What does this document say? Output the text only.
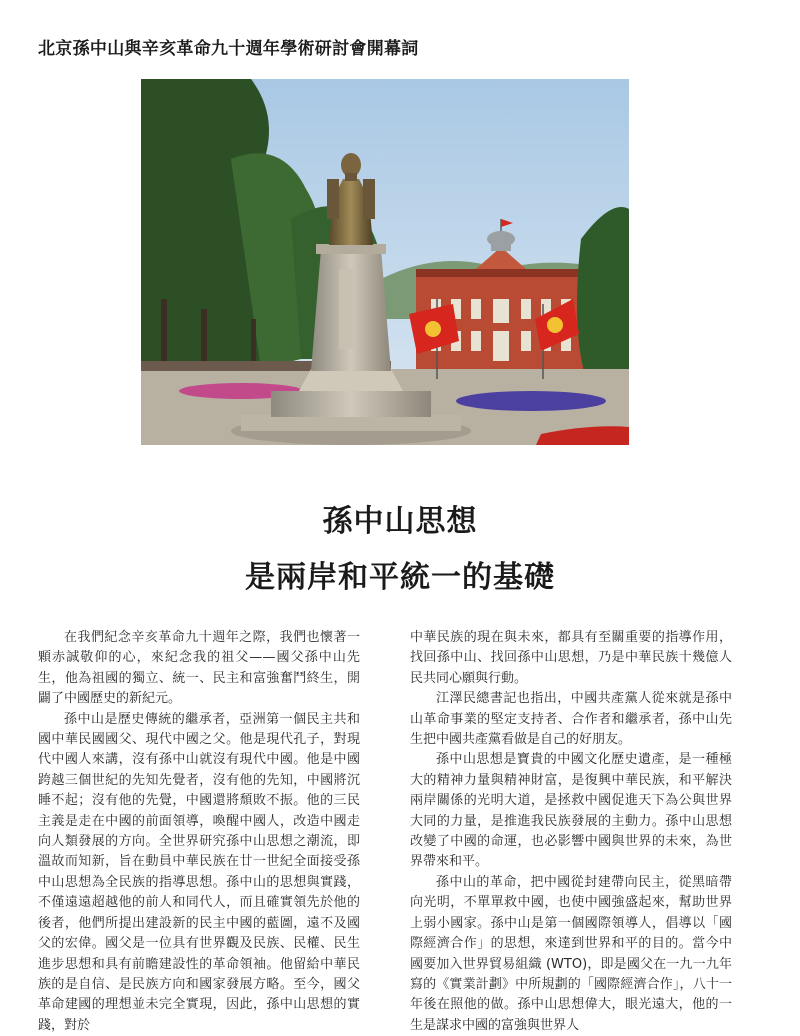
北京孫中山與辛亥革命九十週年學術研討會開幕詞
孫中山思想
是兩岸和平統一的基礎

在我們紀念辛亥革命九十週年之際，我們也懷著一顆赤誠敬仰的心，來紀念我的祖父——國父孫中山先生，他為祖國的獨立、統一、民主和富強奮鬥終生，開闢了中國歷史的新紀元。

孫中山是歷史傳統的繼承者，亞洲第一個民主共和國中華民國國父、現代中國之父。他是現代孔子，對現代中國人來講，沒有孫中山就沒有現代中國。他是中國跨越三個世紀的先知先覺者，沒有他的先知，中國將沉睡不起；沒有他的先覺，中國還將頹敗不振。他的三民主義是走在中國的前面領導，喚醒中國人，改造中國走向人類發展的方向。全世界研究孫中山思想之潮流，即溫故而知新，旨在動員中華民族在廿一世紀全面接受孫中山思想為全民族的指導思想。孫中山的思想與實踐，不僅遠遠超越他的前人和同代人，而且確實領先於他的後者，他們所提出建設新的民主中國的藍圖，遠不及國父的宏偉。國父是一位具有世界觀及民族、民權、民生進步思想和具有前瞻建設性的革命領袖。他留給中華民族的是自信、是民族方向和國家發展方略。至今，國父革命建國的理想並未完全實現，因此，孫中山思想的實踐，對於

中華民族的現在與未來，都具有至關重要的指導作用，找回孫中山、找回孫中山思想，乃是中華民族十幾億人民共同心願與行動。

江澤民總書記也指出，中國共產黨人從來就是孫中山革命事業的堅定支持者、合作者和繼承者，孫中山先生把中國共產黨看做是自己的好朋友。

孫中山思想是寶貴的中國文化歷史遺產，是一種極大的精神力量與精神財富，是復興中華民族，和平解決兩岸關係的光明大道，是拯救中國促進天下為公與世界大同的力量，是推進我民族發展的主動力。孫中山思想改變了中國的命運，也必影響中國與世界的未來，為世界帶來和平。

孫中山的革命，把中國從封建帶向民主，從黑暗帶向光明，不單單救中國，也使中國強盛起來，幫助世界上弱小國家。孫中山是第一個國際領導人，倡導以「國際經濟合作」的思想，來達到世界和平的目的。當今中國要加入世界貿易組織 (WTO)，即是國父在一九一九年寫的《實業計劃》中所規劃的「國際經濟合作」，八十一年後在照他的做。孫中山思想偉大，眼光遠大，他的一生是謀求中國的富強與世界人
